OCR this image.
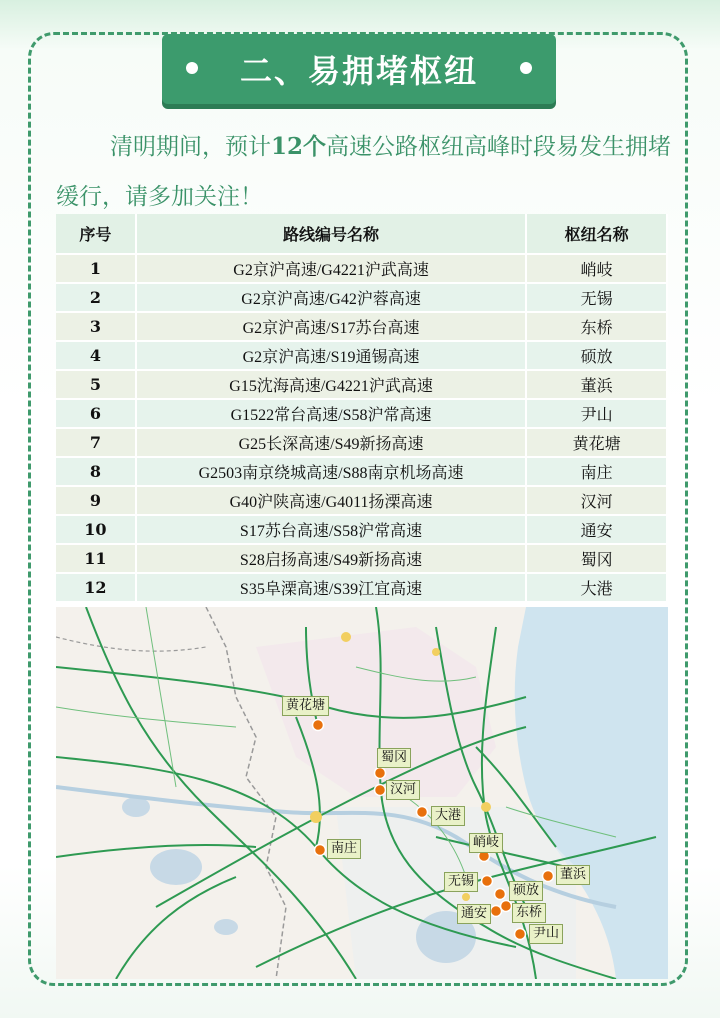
二、易拥堵枢纽
清明期间，预计12个高速公路枢纽高峰时段易发生拥堵缓行，请多加关注！
序号	路线编号名称	枢纽名称
1	G2京沪高速/G4221沪武高速	峭岐
2	G2京沪高速/G42沪蓉高速	无锡
3	G2京沪高速/S17苏台高速	东桥
4	G2京沪高速/S19通锡高速	硕放
5	G15沈海高速/G4221沪武高速	董浜
6	G1522常台高速/S58沪常高速	尹山
7	G25长深高速/S49新扬高速	黄花塘
8	G2503南京绕城高速/S88南京机场高速	南庄
9	G40沪陕高速/G4011扬溧高速	汉河
10	S17苏台高速/S58沪常高速	通安
11	S28启扬高速/S49新扬高速	蜀冈
12	S35阜溧高速/S39江宜高速	大港
黄花塘
蜀冈
汉河
大港
南庄	峭岐
无锡
硕放
董浜
通安	东桥
尹山
